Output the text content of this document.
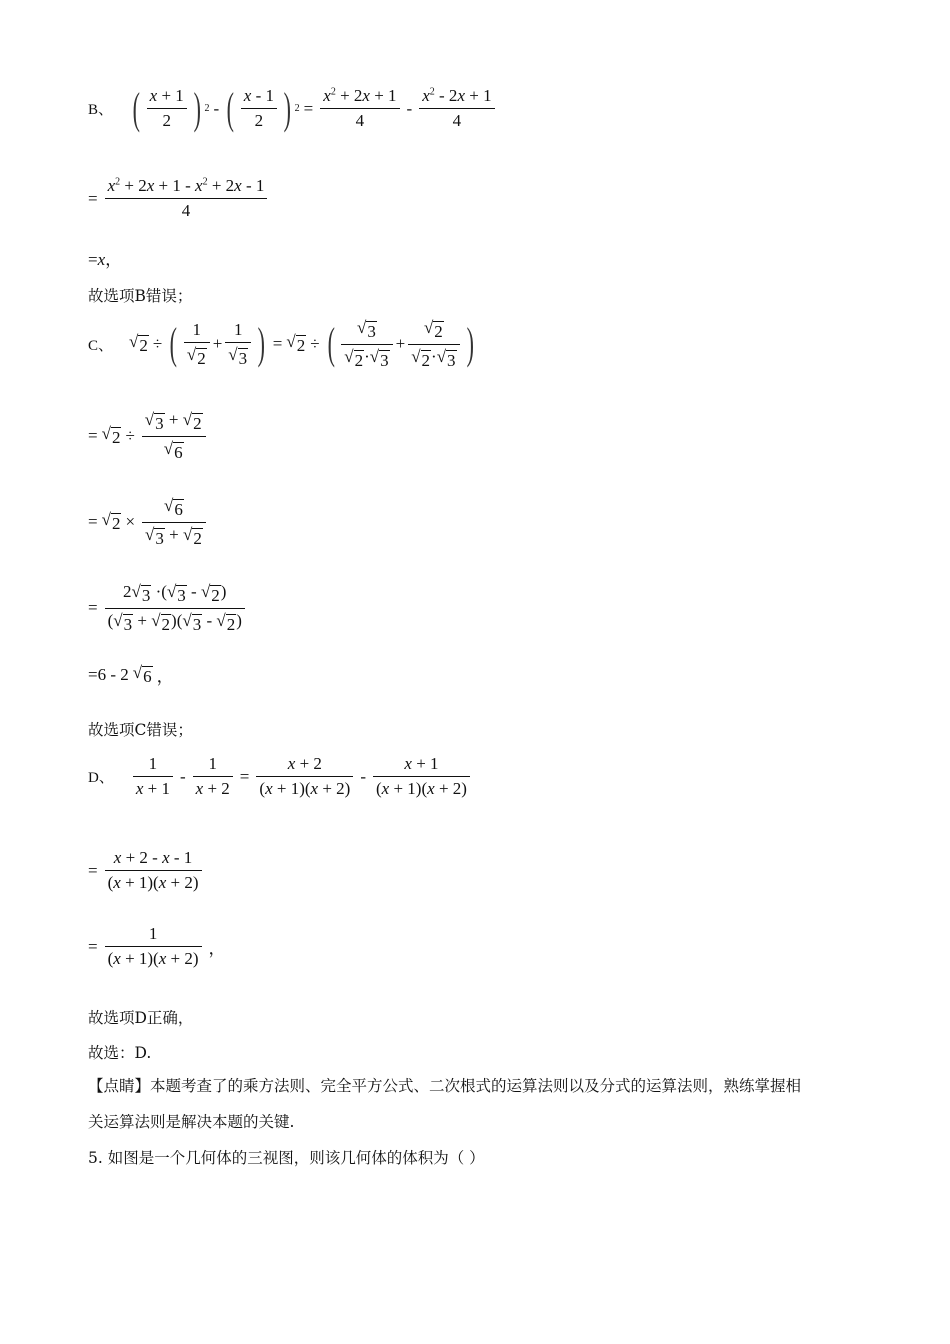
B、 ( $\frac{x + 1}{2}$ ) 2 - ( $\frac{x - 1}{2}$ ) $2 = \frac{x^2 + 2x + 1}{4} - \frac{x^2 - 2x + 1}{4}$
= $\frac{x^2 + 2x + 1 - x^2 + 2x - 1}{4}$
=x，
故选项B错误；
C、 √ 2 ÷ ( $\frac{1}{√ 2} + \frac{1}{√ 3}$ ) = √ 2 ÷ ( $\frac{√ 3}{√ 2 \cdot √ 3} + \frac{√ 2}{√ 2 \cdot √ 3}$ )
= √ $2 \div \frac{√ 3 + √ 2}{√ 6}$
= √ $2 \times \frac{√ 6}{√ 3 + √ 2}$
= $\frac{2 √ 3 \cdot( √ 3 - √ 2 )}{( √ 3 + √ 2 )( √ 3 - √ 2 )}$
=6 - 2 √ 6 ，
故选项C错误；
D、 $\frac{1}{x + 1} - \frac{1}{x + 2} = \frac{x + 2}{(x + 1)(x + 2)} - \frac{x + 1}{(x + 1)(x + 2)}$
= $\frac{x + 2 - x - 1}{(x + 1)(x + 2)}$
= $\frac{1}{(x + 1)(x + 2)}$ ，
故选项D正确，
故选：D.
【点睛】本题考查了的乘方法则、完全平方公式、二次根式的运算法则以及分式的运算法则，熟练掌握相
关运算法则是解决本题的关键.
5. 如图是一个几何体的三视图，则该几何体的体积为（ ）
